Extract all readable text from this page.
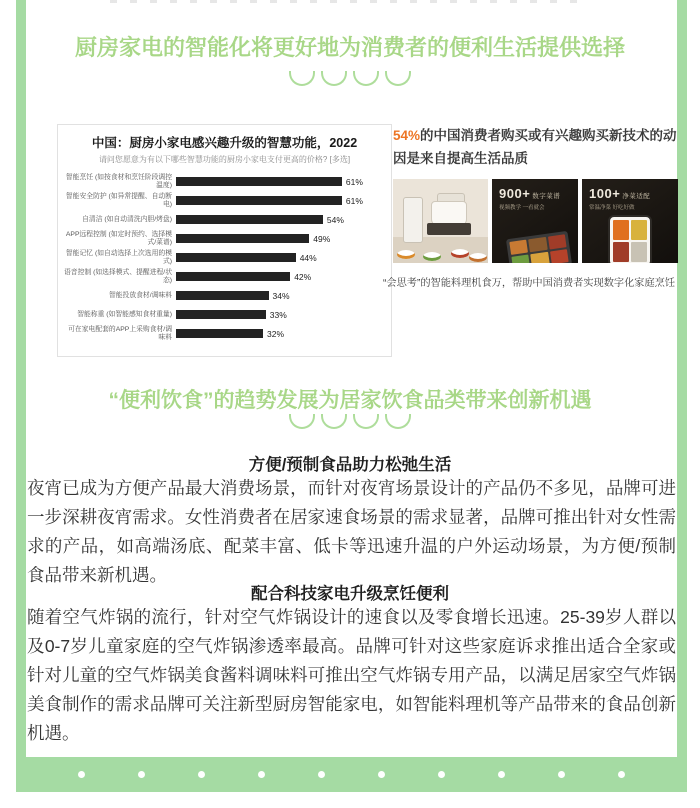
厨房家电的智能化将更好地为消费者的便利生活提供选择
中国：厨房小家电感兴趣升级的智慧功能，2022
请问您愿意为有以下哪些智慧功能的厨房小家电支付更高的价格? [多选]
智能烹饪 (如按食材和烹饪阶段调控温度)	61%
智能安全防护 (如异常提醒、自动断电)	61%
自清洁 (如自动清洗内胆/烤盘)	54%
APP远程控制 (如定时预约、选择模式/菜谱)	49%
智能记忆 (如自动选择上次选用的模式)	44%
语音控制 (如选择模式、提醒进程/状态)	42%
智能投放食材/调味料	34%
智能称重 (如智能感知食材重量)	33%
可在家电配套的APP上采购食材/调味料	32%

54%的中国消费者购买或有兴趣购买新技术的动因是来自提高生活品质

900+ 数字菜谱
视频教学 一看就会
100+ 净菜适配
常温净菜 好吃好做

“会思考”的智能料理机食万，帮助中国消费者实现数字化家庭烹饪

“便利饮食”的趋势发展为居家饮食品类带来创新机遇
方便/预制食品助力松弛生活

夜宵已成为方便产品最大消费场景，而针对夜宵场景设计的产品仍不多见，品牌可进一步深耕夜宵需求。女性消费者在居家速食场景的需求显著，品牌可推出针对女性需求的产品，如高端汤底、配菜丰富、低卡等迅速升温的户外运动场景，为方便/预制食品带来新机遇。

配合科技家电升级烹饪便利

随着空气炸锅的流行，针对空气炸锅设计的速食以及零食增长迅速。25-39岁人群以及0-7岁儿童家庭的空气炸锅渗透率最高。品牌可针对这些家庭诉求推出适合全家或针对儿童的空气炸锅美食酱料调味料可推出空气炸锅专用产品，以满足居家空气炸锅美食制作的需求品牌可关注新型厨房智能家电，如智能料理机等产品带来的食品创新机遇。
